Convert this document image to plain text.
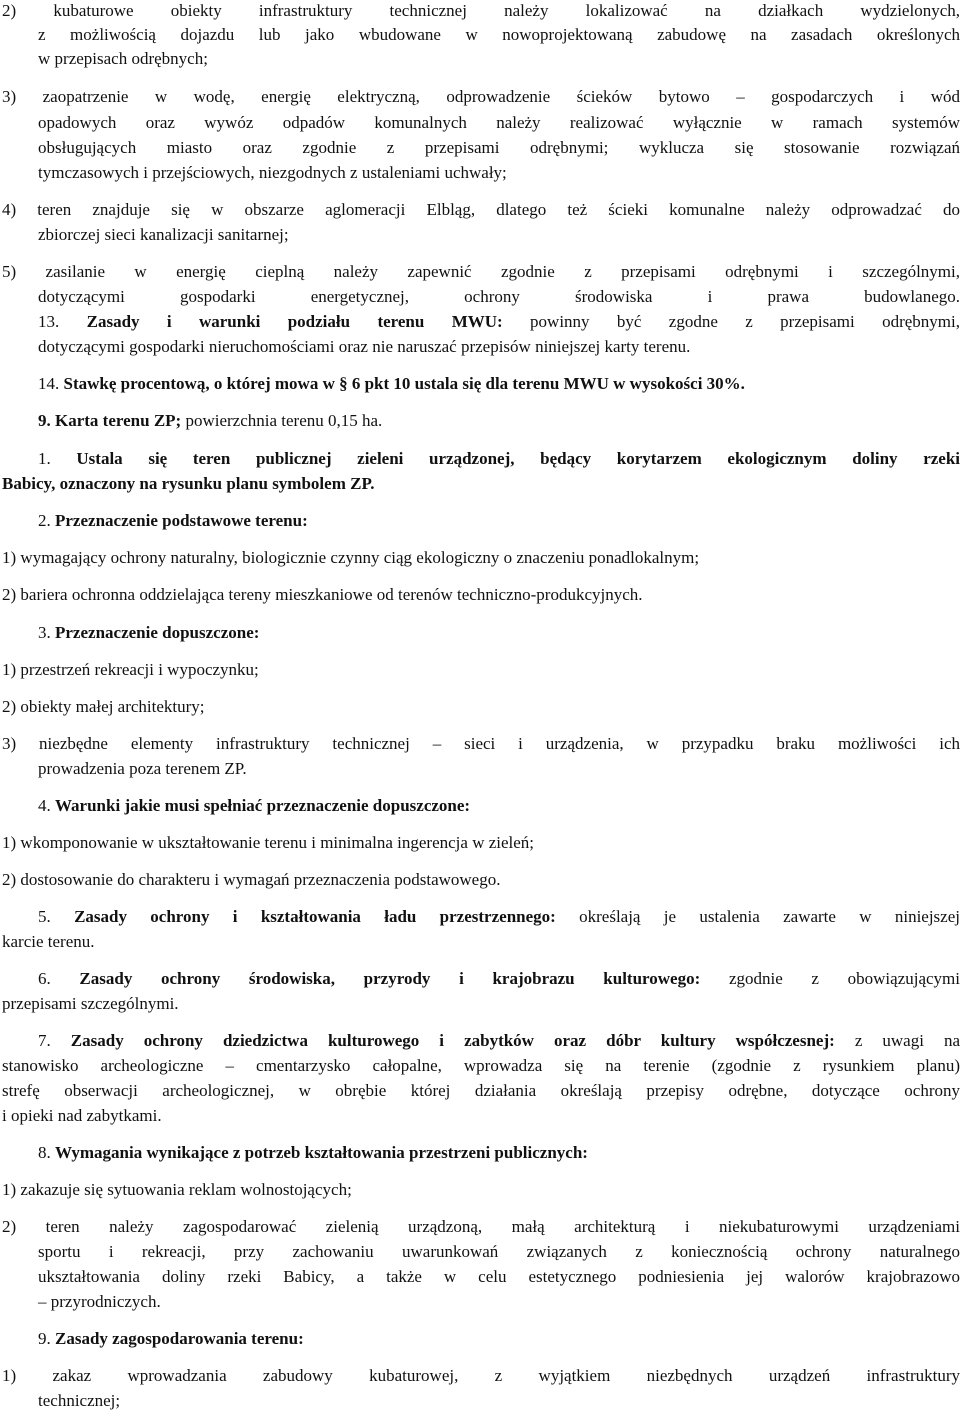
2) kubaturowe obiekty infrastruktury technicznej należy lokalizować na działkach wydzielonych,

z możliwością dojazdu lub jako wbudowane w nowoprojektowaną zabudowę na zasadach określonych

w przepisach odrębnych;

3) zaopatrzenie w wodę, energię elektryczną, odprowadzenie ścieków bytowo – gospodarczych i wód

opadowych oraz wywóz odpadów komunalnych należy realizować wyłącznie w ramach systemów

obsługujących miasto oraz zgodnie z przepisami odrębnymi; wyklucza się stosowanie rozwiązań

tymczasowych i przejściowych, niezgodnych z ustaleniami uchwały;

4) teren znajduje się w obszarze aglomeracji Elbląg, dlatego też ścieki komunalne należy odprowadzać do

zbiorczej sieci kanalizacji sanitarnej;

5) zasilanie w energię cieplną należy zapewnić zgodnie z przepisami odrębnymi i szczególnymi,

dotyczącymi gospodarki energetycznej, ochrony środowiska i prawa budowlanego.

13. Zasady i warunki podziału terenu MWU: powinny być zgodne z przepisami odrębnymi,

dotyczącymi gospodarki nieruchomościami oraz nie naruszać przepisów niniejszej karty terenu.

14. Stawkę procentową, o której mowa w § 6 pkt 10 ustala się dla terenu MWU w wysokości 30%.

9. Karta terenu ZP; powierzchnia terenu 0,15 ha.

1. Ustala się teren publicznej zieleni urządzonej, będący korytarzem ekologicznym doliny rzeki

Babicy, oznaczony na rysunku planu symbolem ZP.

2. Przeznaczenie podstawowe terenu:

1) wymagający ochrony naturalny, biologicznie czynny ciąg ekologiczny o znaczeniu ponadlokalnym;

2) bariera ochronna oddzielająca tereny mieszkaniowe od terenów techniczno-produkcyjnych.

3. Przeznaczenie dopuszczone:

1) przestrzeń rekreacji i wypoczynku;

2) obiekty małej architektury;

3) niezbędne elementy infrastruktury technicznej – sieci i urządzenia, w przypadku braku możliwości ich

prowadzenia poza terenem ZP.

4. Warunki jakie musi spełniać przeznaczenie dopuszczone:

1) wkomponowanie w ukształtowanie terenu i minimalna ingerencja w zieleń;

2) dostosowanie do charakteru i wymagań przeznaczenia podstawowego.

5. Zasady ochrony i kształtowania ładu przestrzennego: określają je ustalenia zawarte w niniejszej

karcie terenu.

6. Zasady ochrony środowiska, przyrody i krajobrazu kulturowego: zgodnie z obowiązującymi

przepisami szczególnymi.

7. Zasady ochrony dziedzictwa kulturowego i zabytków oraz dóbr kultury współczesnej: z uwagi na

stanowisko archeologiczne – cmentarzysko całopalne, wprowadza się na terenie (zgodnie z rysunkiem planu)

strefę obserwacji archeologicznej, w obrębie której działania określają przepisy odrębne, dotyczące ochrony

i opieki nad zabytkami.

8. Wymagania wynikające z potrzeb kształtowania przestrzeni publicznych:

1) zakazuje się sytuowania reklam wolnostojących;

2) teren należy zagospodarować zielenią urządzoną, małą architekturą i niekubaturowymi urządzeniami

sportu i rekreacji, przy zachowaniu uwarunkowań związanych z koniecznością ochrony naturalnego

ukształtowania doliny rzeki Babicy, a także w celu estetycznego podniesienia jej walorów krajobrazowo

– przyrodniczych.

9. Zasady zagospodarowania terenu:

1) zakaz wprowadzania zabudowy kubaturowej, z wyjątkiem niezbędnych urządzeń infrastruktury

technicznej;
